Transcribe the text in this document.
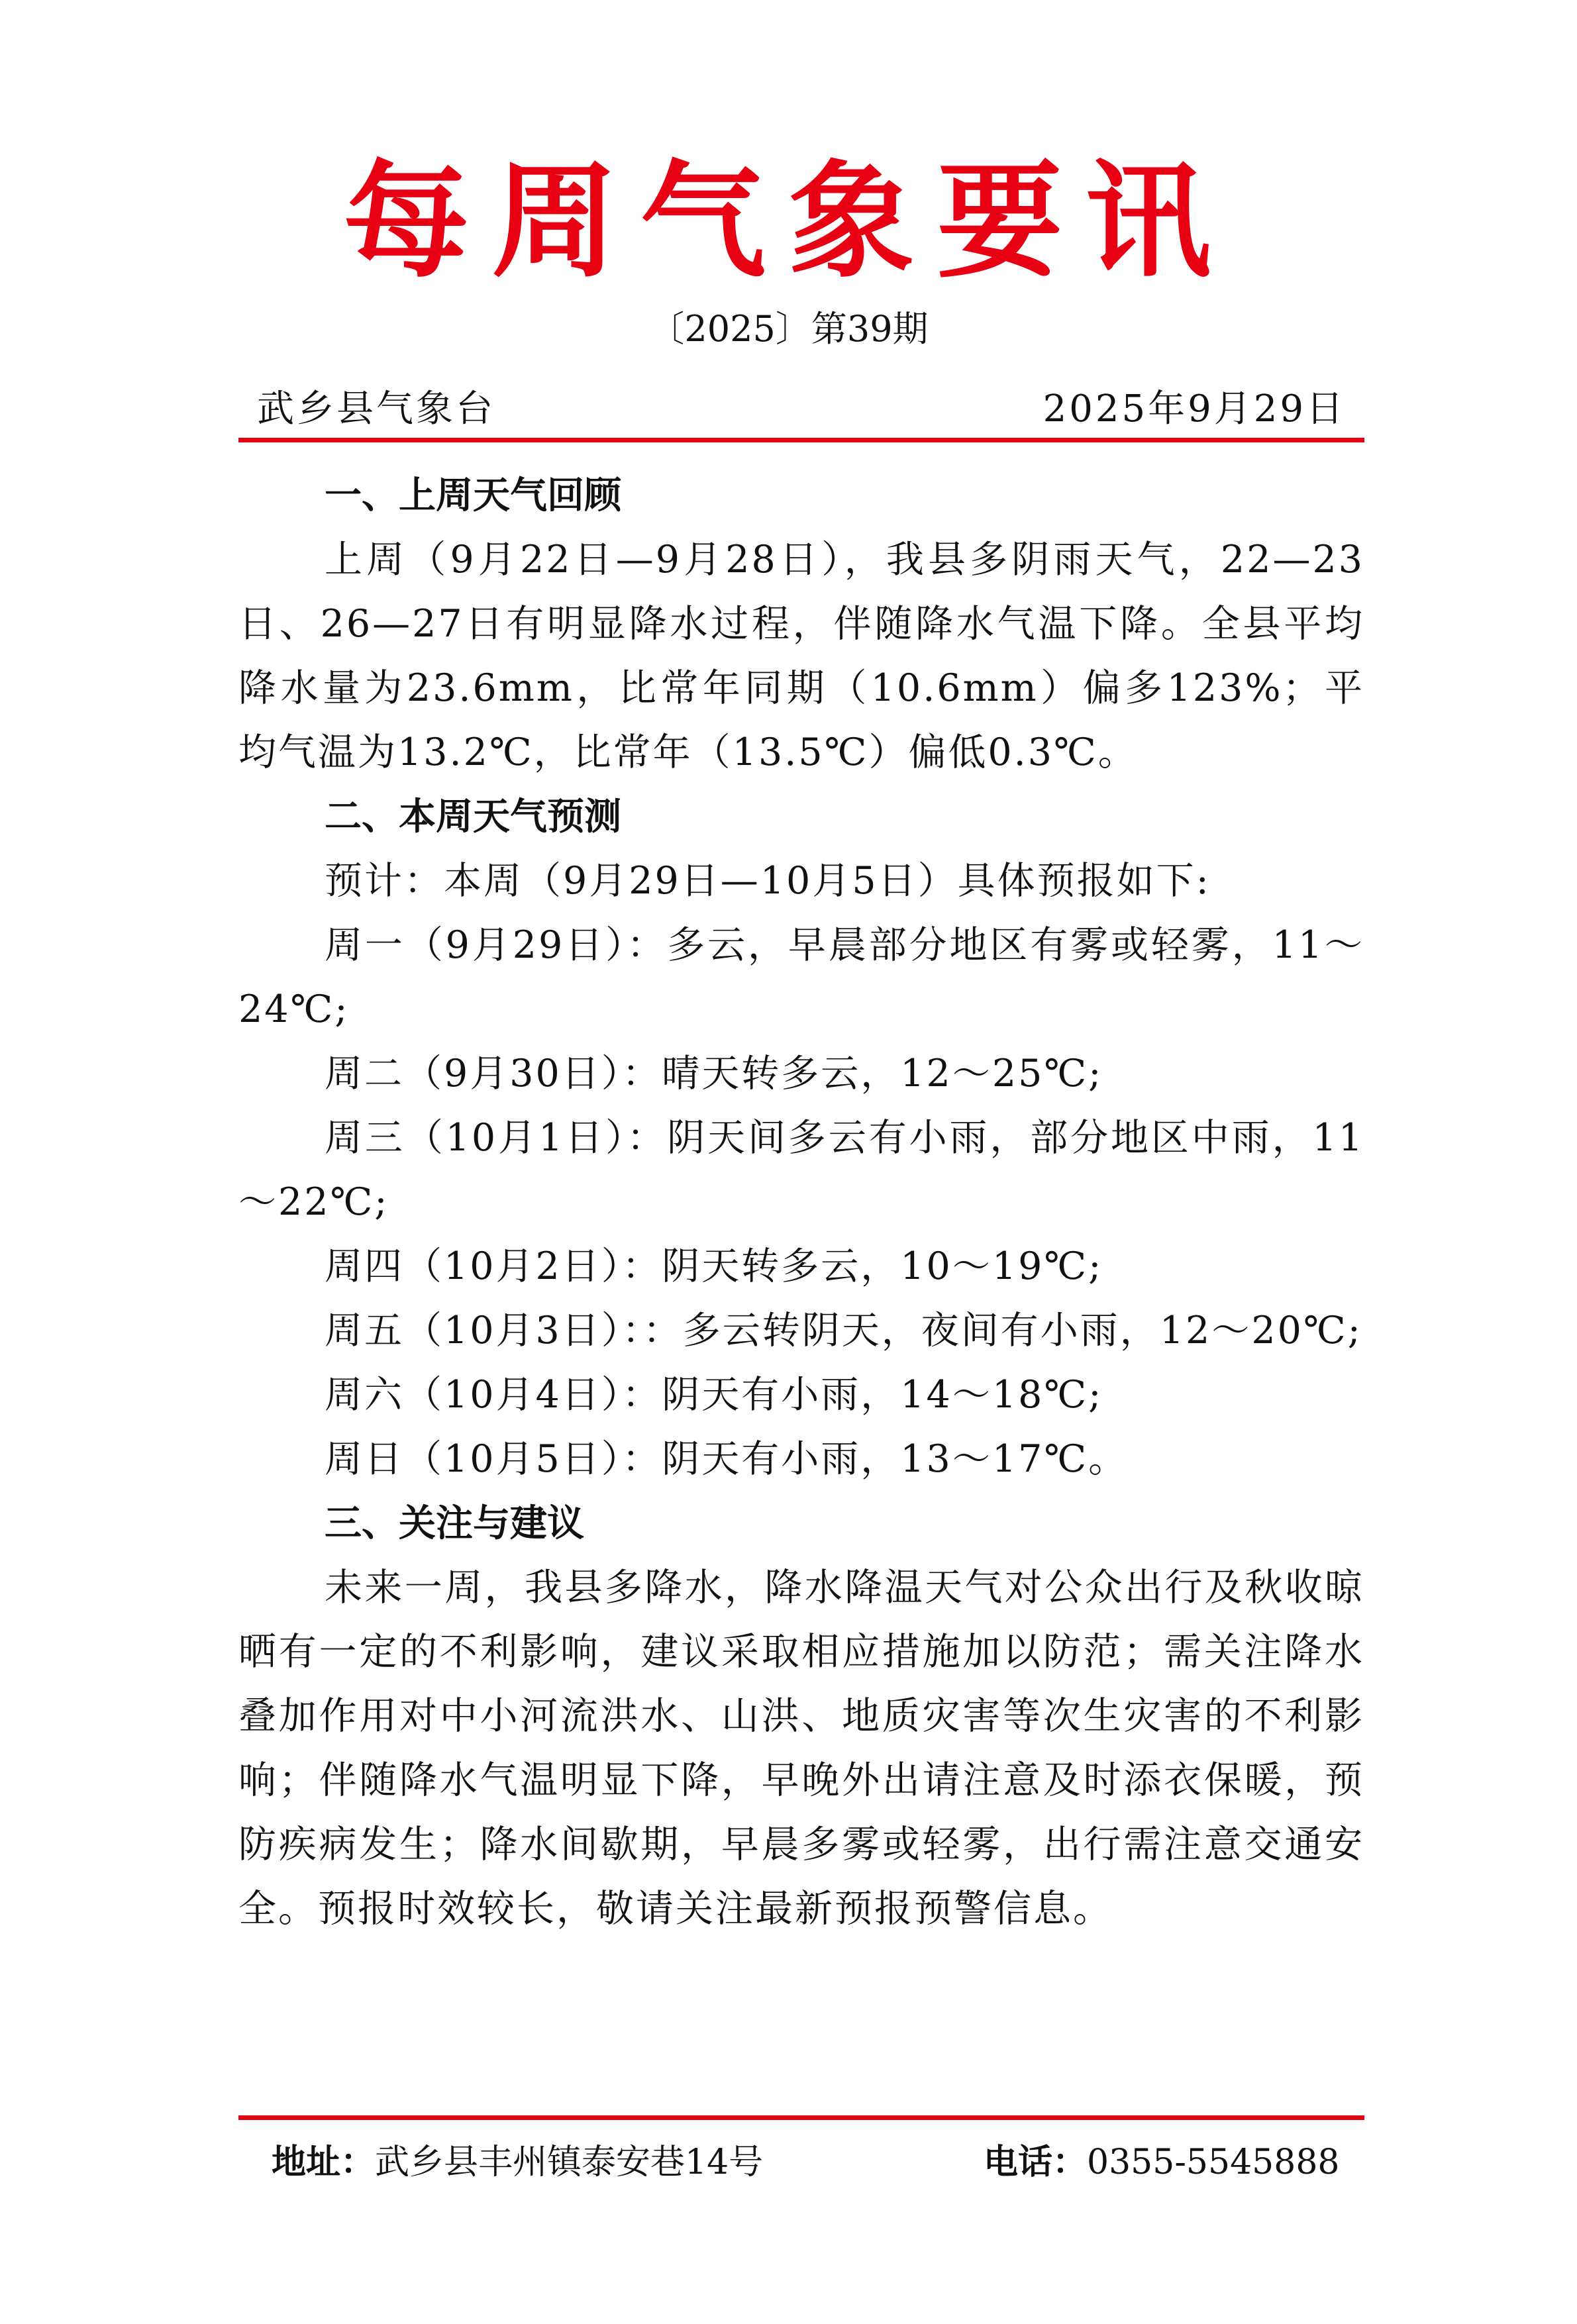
每周气象要讯
〔2025〕第39期
武乡县气象台	2025年9月29日
一、上周天气回顾

上周（9月22日—9月28日），我县多阴雨天气，22—23日、26—27日有明显降水过程，伴随降水气温下降。全县平均降水量为23.6mm，比常年同期（10.6mm）偏多123%；平均气温为13.2℃，比常年（13.5℃）偏低0.3℃。

二、本周天气预测

预计：本周（9月29日—10月5日）具体预报如下:

周一（9月29日）：多云，早晨部分地区有雾或轻雾，11～24℃;

周二（9月30日）：晴天转多云，12～25℃;

周三（10月1日）：阴天间多云有小雨，部分地区中雨，11～22℃;

周四（10月2日）：阴天转多云，10～19℃;

周五（10月3日）：：多云转阴天，夜间有小雨，12～20℃;

周六（10月4日）：阴天有小雨，14～18℃;

周日（10月5日）：阴天有小雨，13～17℃。

三、关注与建议

未来一周，我县多降水，降水降温天气对公众出行及秋收晾晒有一定的不利影响，建议采取相应措施加以防范；需关注降水叠加作用对中小河流洪水、山洪、地质灾害等次生灾害的不利影响；伴随降水气温明显下降，早晚外出请注意及时添衣保暖，预防疾病发生；降水间歇期，早晨多雾或轻雾，出行需注意交通安全。预报时效较长，敬请关注最新预报预警信息。

地址：武乡县丰州镇泰安巷14号	电话：0355-5545888
